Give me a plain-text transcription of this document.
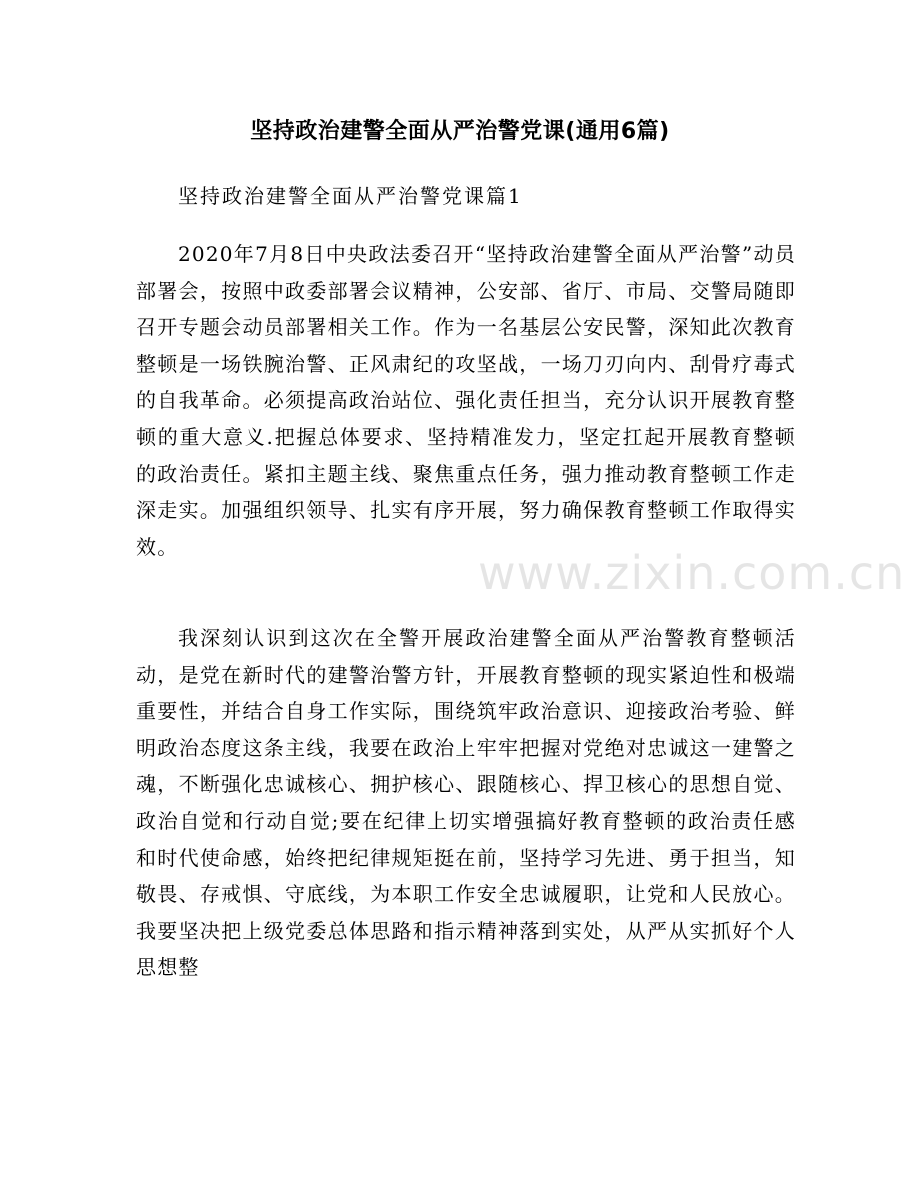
坚持政治建警全面从严治警党课(通用6篇)
坚持政治建警全面从严治警党课篇1
2020年7月8日中央政法委召开“坚持政治建警全面从严治警”动员部署会，按照中政委部署会议精神，公安部、省厅、市局、交警局随即召开专题会动员部署相关工作。作为一名基层公安民警，深知此次教育整顿是一场铁腕治警、正风肃纪的攻坚战，一场刀刃向内、刮骨疗毒式的自我革命。必须提高政治站位、强化责任担当，充分认识开展教育整顿的重大意义.把握总体要求、坚持精准发力，坚定扛起开展教育整顿的政治责任。紧扣主题主线、聚焦重点任务，强力推动教育整顿工作走深走实。加强组织领导、扎实有序开展，努力确保教育整顿工作取得实效。
我深刻认识到这次在全警开展政治建警全面从严治警教育整顿活动，是党在新时代的建警治警方针，开展教育整顿的现实紧迫性和极端重要性，并结合自身工作实际，围绕筑牢政治意识、迎接政治考验、鲜明政治态度这条主线，我要在政治上牢牢把握对党绝对忠诚这一建警之魂，不断强化忠诚核心、拥护核心、跟随核心、捍卫核心的思想自觉、政治自觉和行动自觉;要在纪律上切实增强搞好教育整顿的政治责任感和时代使命感，始终把纪律规矩挺在前，坚持学习先进、勇于担当，知敬畏、存戒惧、守底线，为本职工作安全忠诚履职，让党和人民放心。我要坚决把上级党委总体思路和指示精神落到实处，从严从实抓好个人思想整
www.zixin.com.cn
